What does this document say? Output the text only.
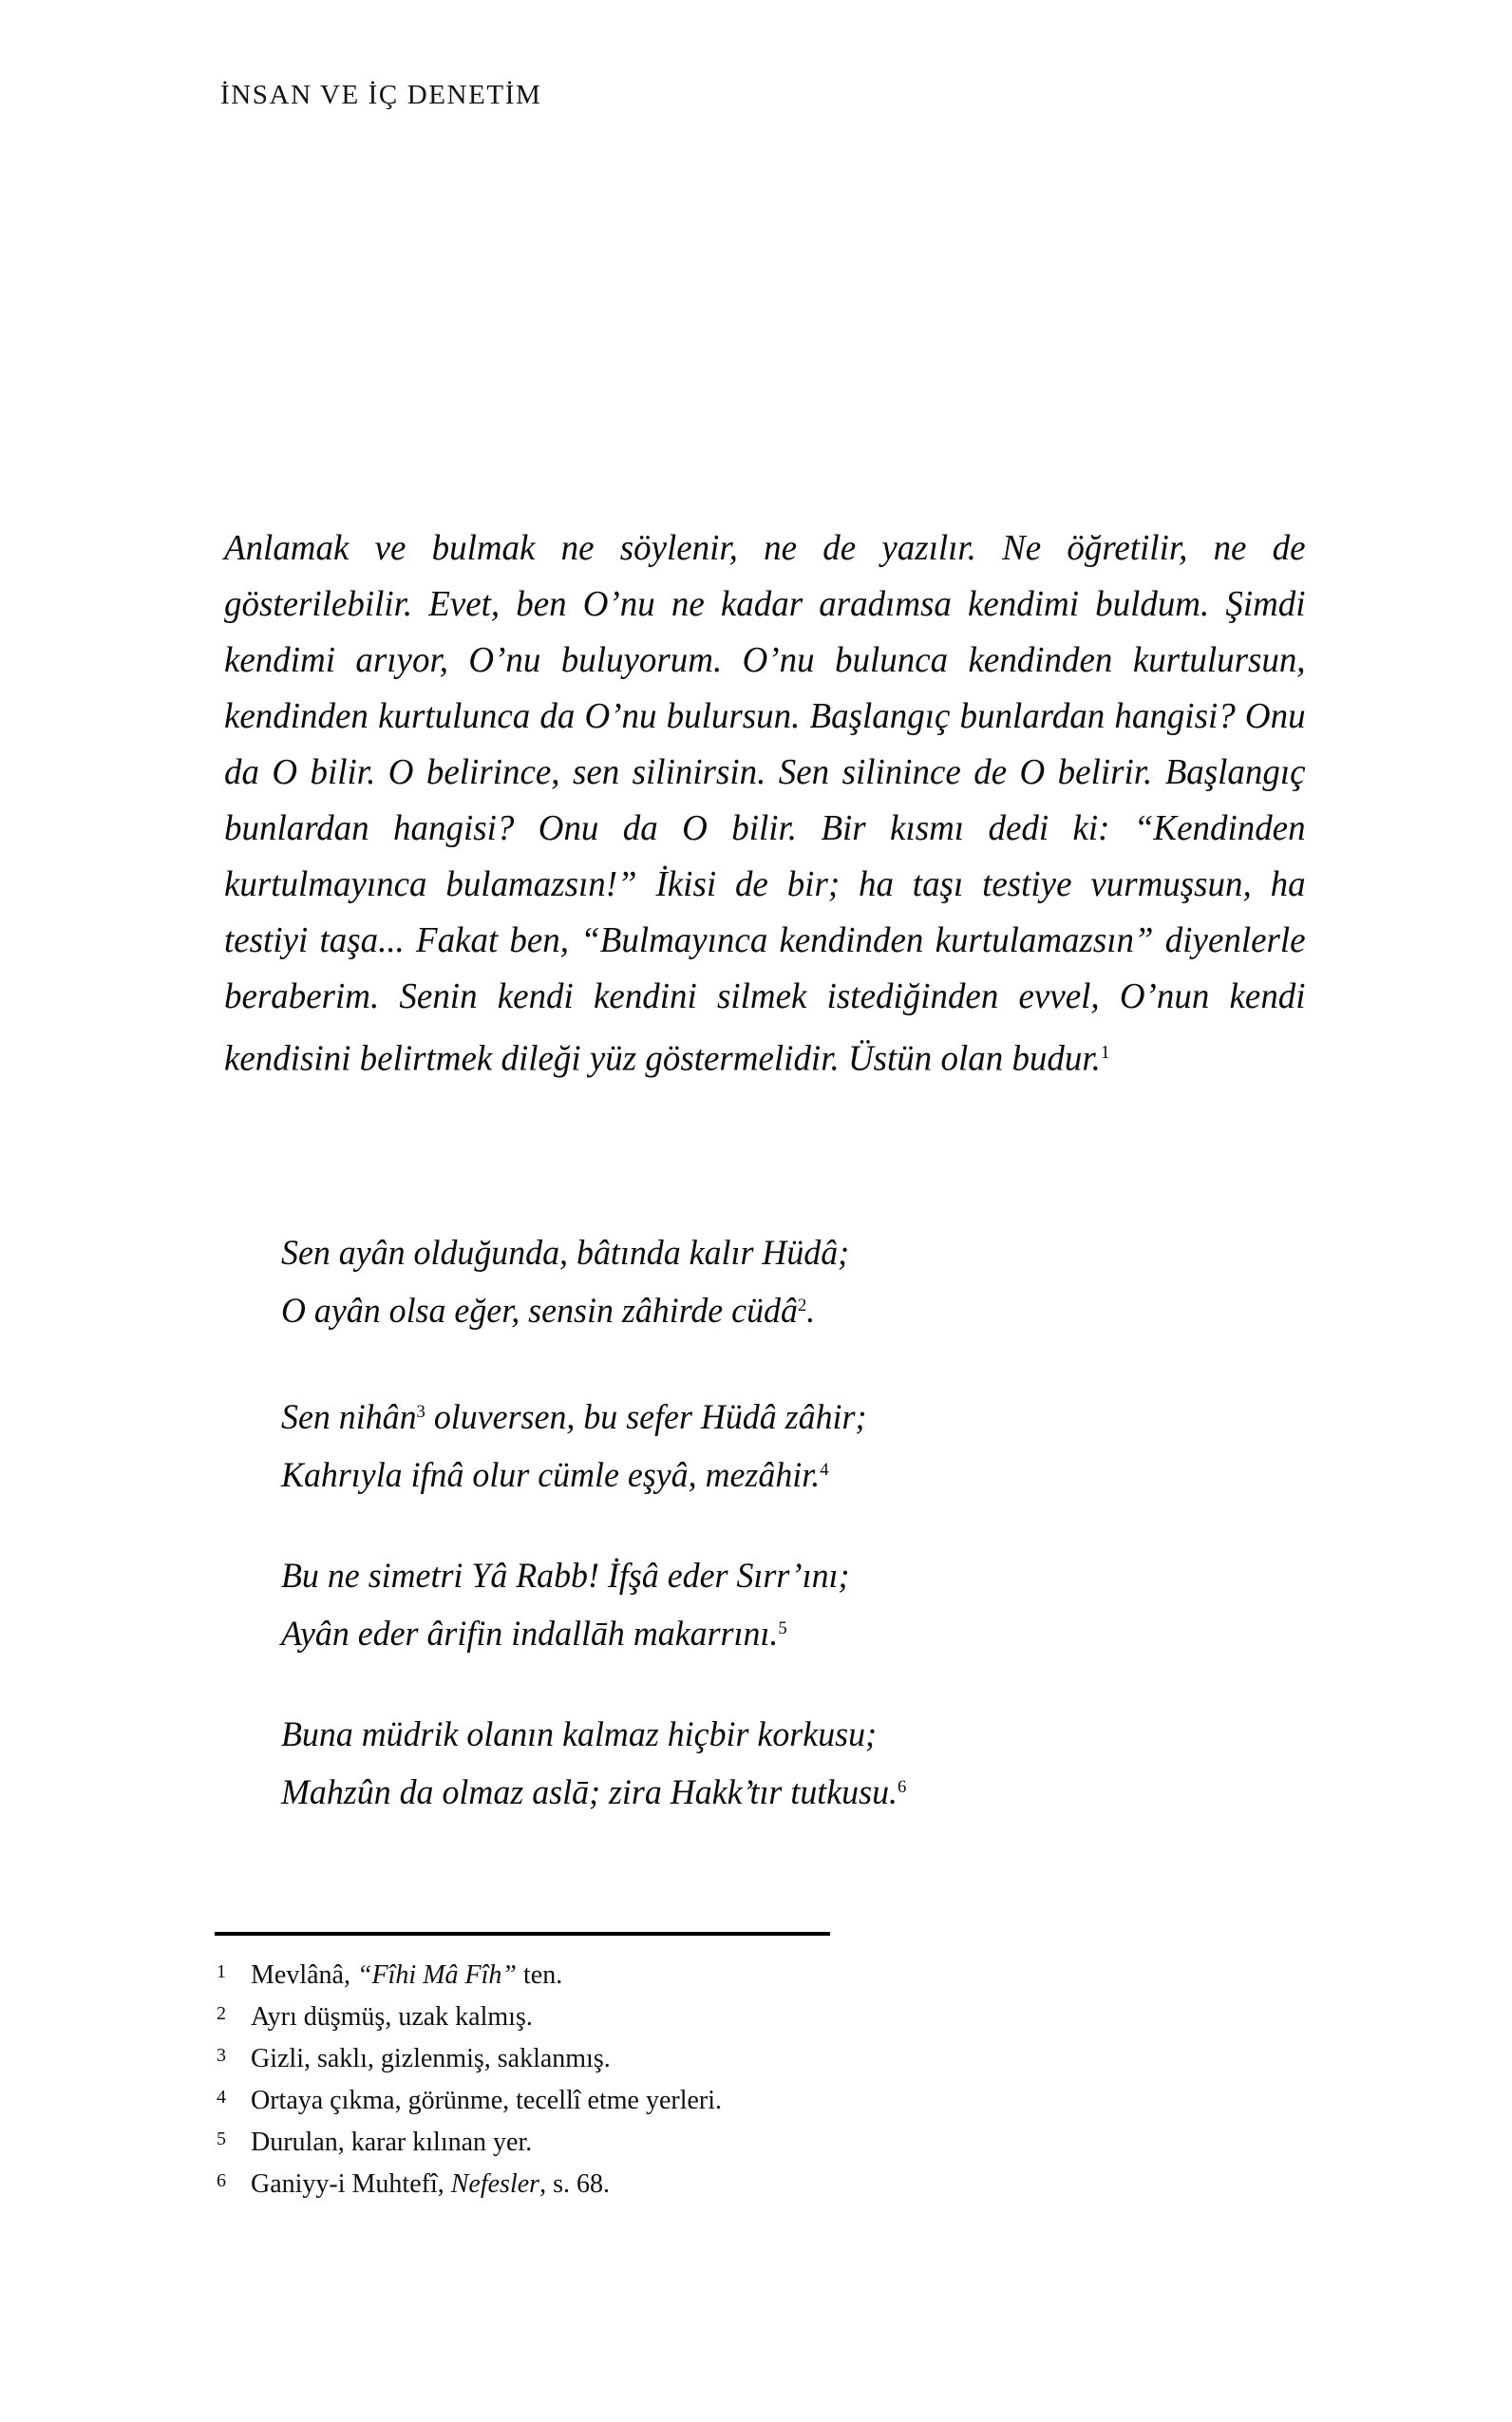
İNSAN VE İÇ DENETİM

Anlamak ve bulmak ne söylenir, ne de yazılır. Ne öğretilir, ne de gösterilebilir. Evet, ben O’nu ne kadar aradımsa kendimi buldum. Şimdi kendimi arıyor, O’nu buluyorum. O’nu bulunca kendinden kurtulursun, kendinden kurtulunca da O’nu bulursun. Başlangıç bunlardan hangisi? Onu da O bilir. O belirince, sen silinirsin. Sen silinince de O belirir. Başlangıç bunlardan hangisi? Onu da O bilir. Bir kısmı dedi ki: “Kendinden kurtulmayınca bulamazsın!” İkisi de bir; ha taşı testiye vurmuşsun, ha testiyi taşa... Fakat ben, “Bulmayınca kendinden kurtulamazsın” diyenlerle beraberim. Senin kendi kendini silmek istediğinden evvel, O’nun kendi kendisini belirtmek dileği yüz göstermelidir. Üstün olan budur.$^1$

Sen ayân olduğunda, bâtında kalır Hüdâ;
O ayân olsa eğer, sensin zâhirde cüdâ$^2$.
Sen nihân$^3$ oluversen, bu sefer Hüdâ zâhir;
Kahrıyla ifnâ olur cümle eşyâ, mezâhir.$^4$
Bu ne simetri Yâ Rabb! İfşâ eder Sırr’ını;
Ayân eder ârifin indallāh makarrını.$^5$
Buna müdrik olanın kalmaz hiçbir korkusu;
Mahzûn da olmaz aslā; zira Hakk’tır tutkusu.$^6$
1 Mevlânâ, “Fîhi Mâ Fîh” ten.
2 Ayrı düşmüş, uzak kalmış.
3 Gizli, saklı, gizlenmiş, saklanmış.
4 Ortaya çıkma, görünme, tecellî etme yerleri.
5 Durulan, karar kılınan yer.
6 Ganiyy-i Muhtefî, Nefesler, s. 68.
